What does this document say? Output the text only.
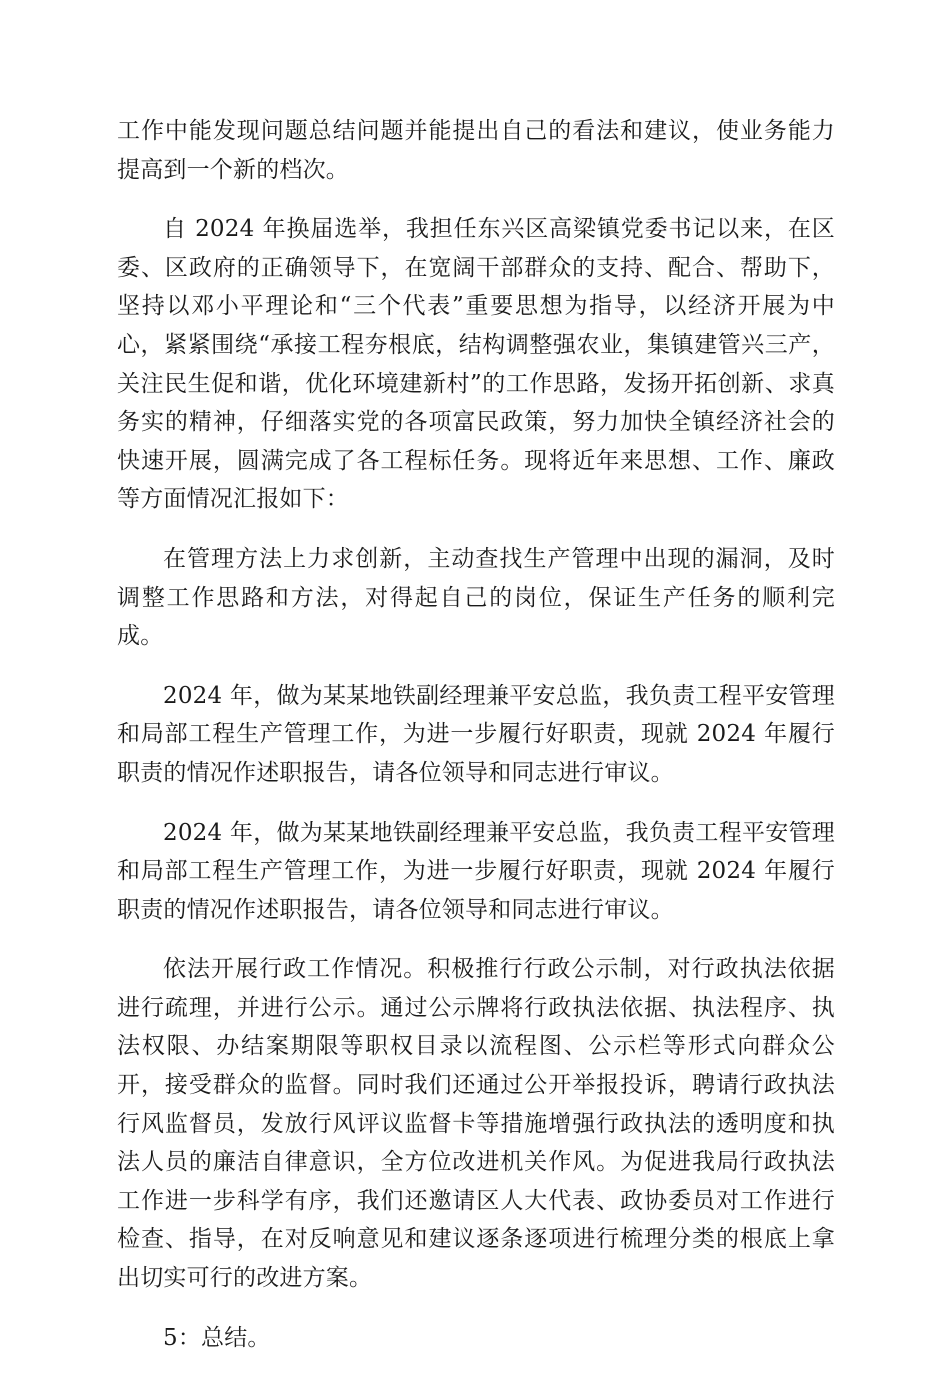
工作中能发现问题总结问题并能提出自己的看法和建议，使业务能力提高到一个新的档次。

自 2024 年换届选举，我担任东兴区高梁镇党委书记以来，在区委、区政府的正确领导下，在宽阔干部群众的支持、配合、帮助下，坚持以邓小平理论和“三个代表”重要思想为指导，以经济开展为中心，紧紧围绕“承接工程夯根底，结构调整强农业，集镇建管兴三产，关注民生促和谐，优化环境建新村”的工作思路，发扬开拓创新、求真务实的精神，仔细落实党的各项富民政策，努力加快全镇经济社会的快速开展，圆满完成了各工程标任务。现将近年来思想、工作、廉政等方面情况汇报如下：

在管理方法上力求创新，主动查找生产管理中出现的漏洞，及时调整工作思路和方法，对得起自己的岗位，保证生产任务的顺利完成。

2024 年，做为某某地铁副经理兼平安总监，我负责工程平安管理和局部工程生产管理工作，为进一步履行好职责，现就 2024 年履行职责的情况作述职报告，请各位领导和同志进行审议。

2024 年，做为某某地铁副经理兼平安总监，我负责工程平安管理和局部工程生产管理工作，为进一步履行好职责，现就 2024 年履行职责的情况作述职报告，请各位领导和同志进行审议。

依法开展行政工作情况。积极推行行政公示制，对行政执法依据进行疏理，并进行公示。通过公示牌将行政执法依据、执法程序、执法权限、办结案期限等职权目录以流程图、公示栏等形式向群众公开，接受群众的监督。同时我们还通过公开举报投诉，聘请行政执法行风监督员，发放行风评议监督卡等措施增强行政执法的透明度和执法人员的廉洁自律意识，全方位改进机关作风。为促进我局行政执法工作进一步科学有序，我们还邀请区人大代表、政协委员对工作进行检查、指导，在对反响意见和建议逐条逐项进行梳理分类的根底上拿出切实可行的改进方案。

5：总结。
